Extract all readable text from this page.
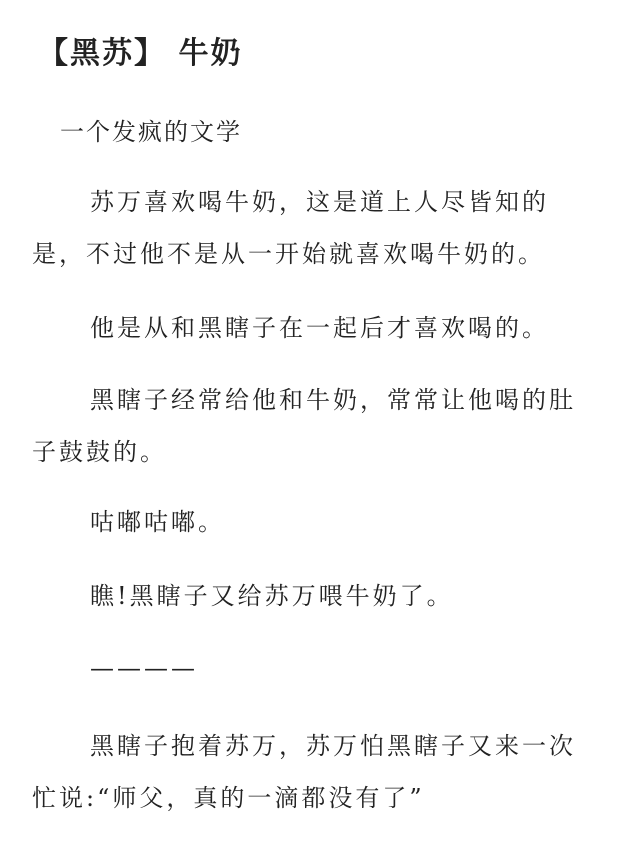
【黑苏】 牛奶
一个发疯的文学

苏万喜欢喝牛奶，这是道上人尽皆知的是，不过他不是从一开始就喜欢喝牛奶的。

他是从和黑瞎子在一起后才喜欢喝的。

黑瞎子经常给他和牛奶，常常让他喝的肚子鼓鼓的。

咕嘟咕嘟。

瞧!黑瞎子又给苏万喂牛奶了。

————

黑瞎子抱着苏万，苏万怕黑瞎子又来一次忙说:“师父，真的一滴都没有了”
